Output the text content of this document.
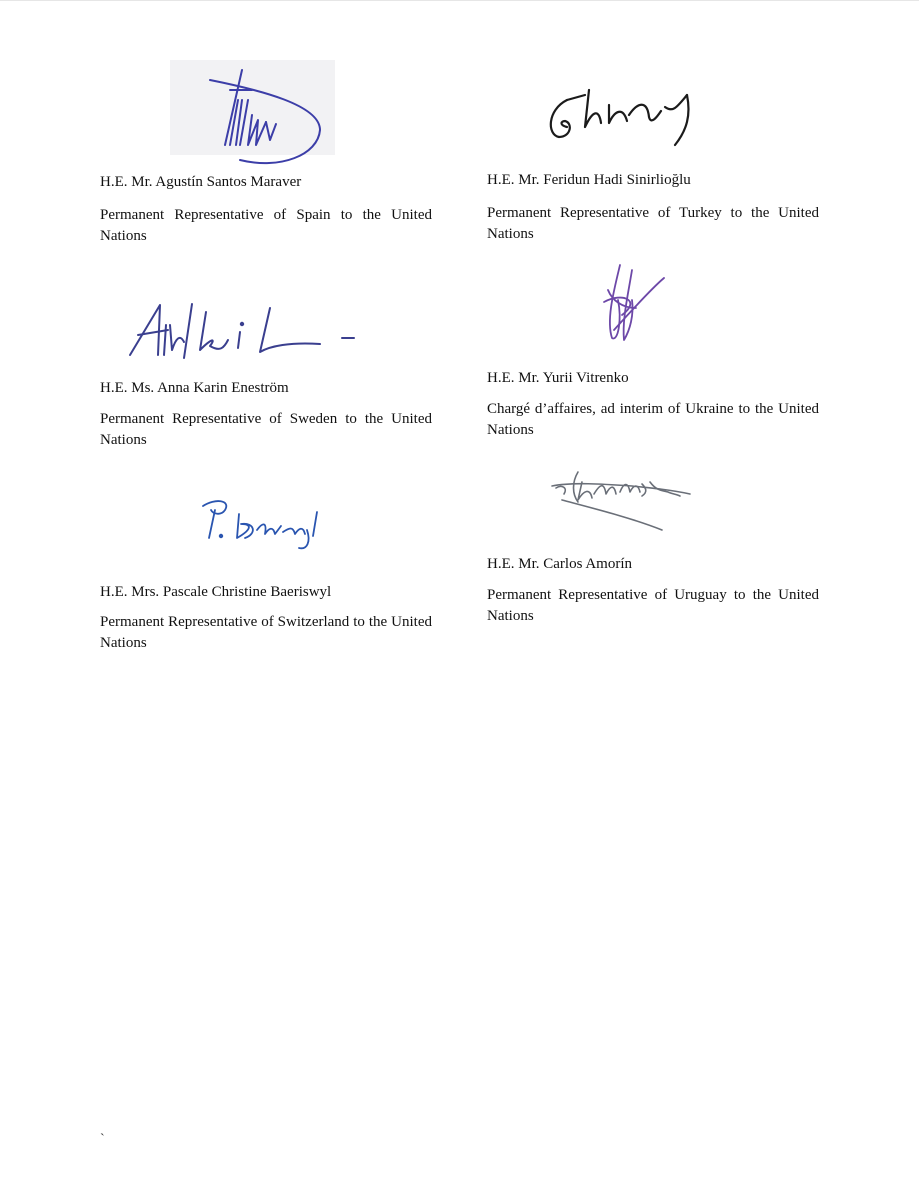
H.E. Mr. Agustín Santos Maraver
Permanent Representative of Spain to the United Nations
H.E. Mr. Feridun Hadi Sinirlioğlu
Permanent Representative of Turkey to the United Nations
H.E. Ms. Anna Karin Eneström
Permanent Representative of Sweden to the United Nations
H.E. Mr. Yurii Vitrenko
Chargé d’affaires, ad interim of Ukraine to the United Nations
H.E. Mrs. Pascale Christine Baeriswyl
Permanent Representative of Switzerland to the United Nations
H.E. Mr. Carlos Amorín
Permanent Representative of Uruguay to the United Nations
`
